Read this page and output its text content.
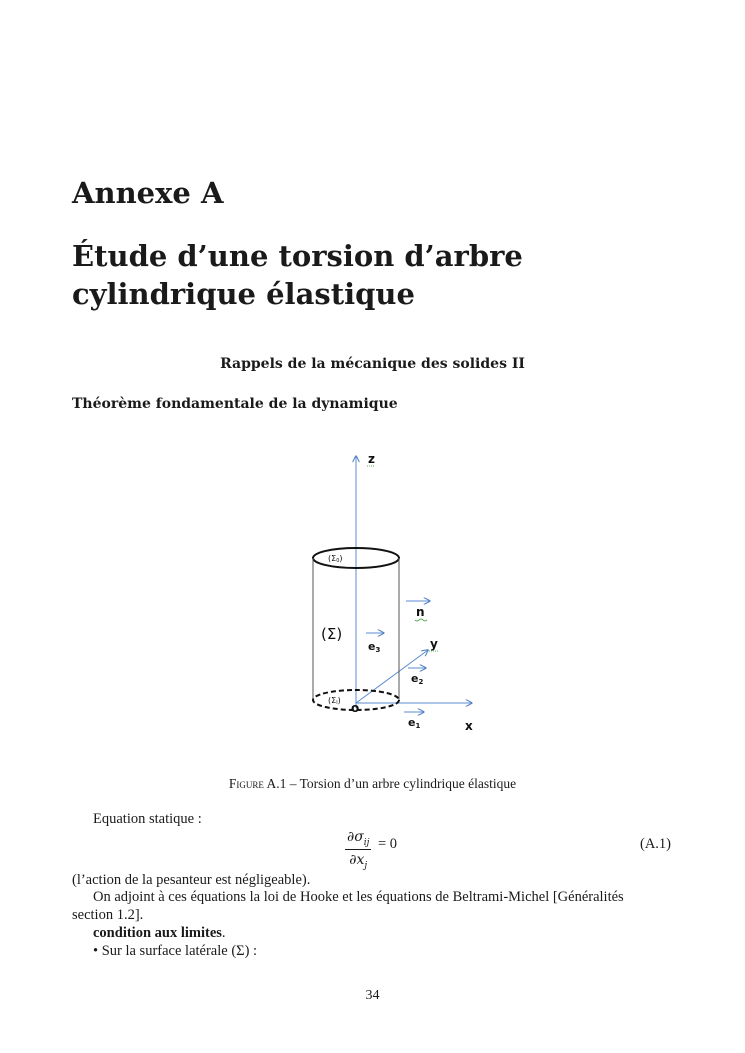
Annexe A
Étude d’une torsion d’arbre cylindrique élastique
Rappels de la mécanique des solides II
Théorème fondamentale de la dynamique
z
x
y
n
(Σ)
e3
e2
e1
(Σ0)
(Σl)
o
Figure A.1 – Torsion d’un arbre cylindrique élastique
Equation statique :
$\frac{\partial\sigma_{ij}}{\partial x_j} = 0$	(A.1)
(l’action de la pesanteur est négligeable).
On adjoint à ces équations la loi de Hooke et les équations de Beltrami-Michel [Généralités
section 1.2].
condition aux limites.
• Sur la surface latérale (Σ) :
34
